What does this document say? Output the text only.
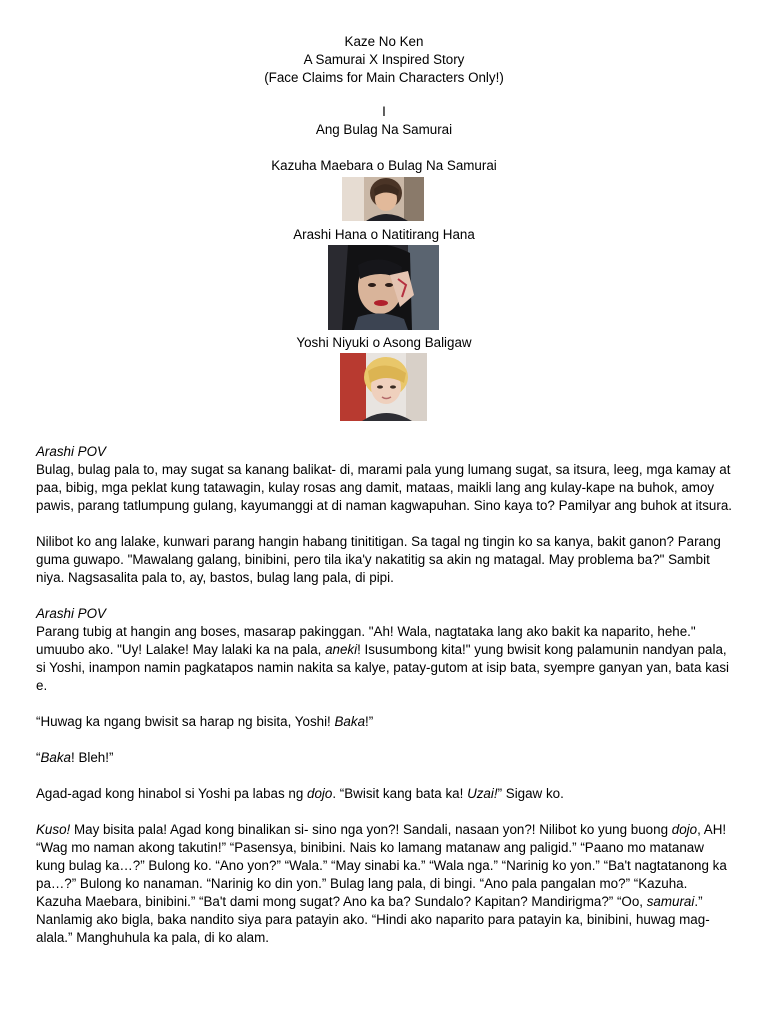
Kaze No Ken
A Samurai X Inspired Story
(Face Claims for Main Characters Only!)
I
Ang Bulag Na Samurai
Kazuha Maebara o Bulag Na Samurai
Arashi Hana o Natitirang Hana
Yoshi Niyuki o Asong Baligaw

Arashi POV

Bulag, bulag pala to, may sugat sa kanang balikat- di, marami pala yung lumang sugat, sa itsura, leeg, mga kamay at paa, bibig, mga peklat kung tatawagin, kulay rosas ang damit, mataas, maikli lang ang kulay-kape na buhok, amoy pawis, parang tatlumpung gulang, kayumanggi at di naman kagwapuhan. Sino kaya to? Pamilyar ang buhok at itsura.

Nilibot ko ang lalake, kunwari parang hangin habang tinititigan. Sa tagal ng tingin ko sa kanya, bakit ganon? Parang guma guwapo. "Mawalang galang, binibini, pero tila ika'y nakatitig sa akin ng matagal. May problema ba?" Sambit niya. Nagsasalita pala to, ay, bastos, bulag lang pala, di pipi.

Arashi POV

Parang tubig at hangin ang boses, masarap pakinggan. "Ah! Wala, nagtataka lang ako bakit ka naparito, hehe." umuubo ako. "Uy! Lalake! May lalaki ka na pala, aneki! Isusumbong kita!" yung bwisit kong palamunin nandyan pala, si Yoshi, inampon namin pagkatapos namin nakita sa kalye, patay-gutom at isip bata, syempre ganyan yan, bata kasi e.

“Huwag ka ngang bwisit sa harap ng bisita, Yoshi! Baka!”

“Baka! Bleh!”

Agad-agad kong hinabol si Yoshi pa labas ng dojo. “Bwisit kang bata ka! Uzai!” Sigaw ko.

Kuso! May bisita pala! Agad kong binalikan si- sino nga yon?! Sandali, nasaan yon?! Nilibot ko yung buong dojo, AH! “Wag mo naman akong takutin!” “Pasensya, binibini. Nais ko lamang matanaw ang paligid.” “Paano mo matanaw kung bulag ka…?” Bulong ko. “Ano yon?” “Wala.” “May sinabi ka.” “Wala nga.” “Narinig ko yon.” “Ba't nagtatanong ka pa…?” Bulong ko nanaman. “Narinig ko din yon.” Bulag lang pala, di bingi. “Ano pala pangalan mo?” “Kazuha. Kazuha Maebara, binibini.” “Ba't dami mong sugat? Ano ka ba? Sundalo? Kapitan? Mandirigma?” “Oo, samurai.” Nanlamig ako bigla, baka nandito siya para patayin ako. “Hindi ako naparito para patayin ka, binibini, huwag mag-alala.” Manghuhula ka pala, di ko alam.
